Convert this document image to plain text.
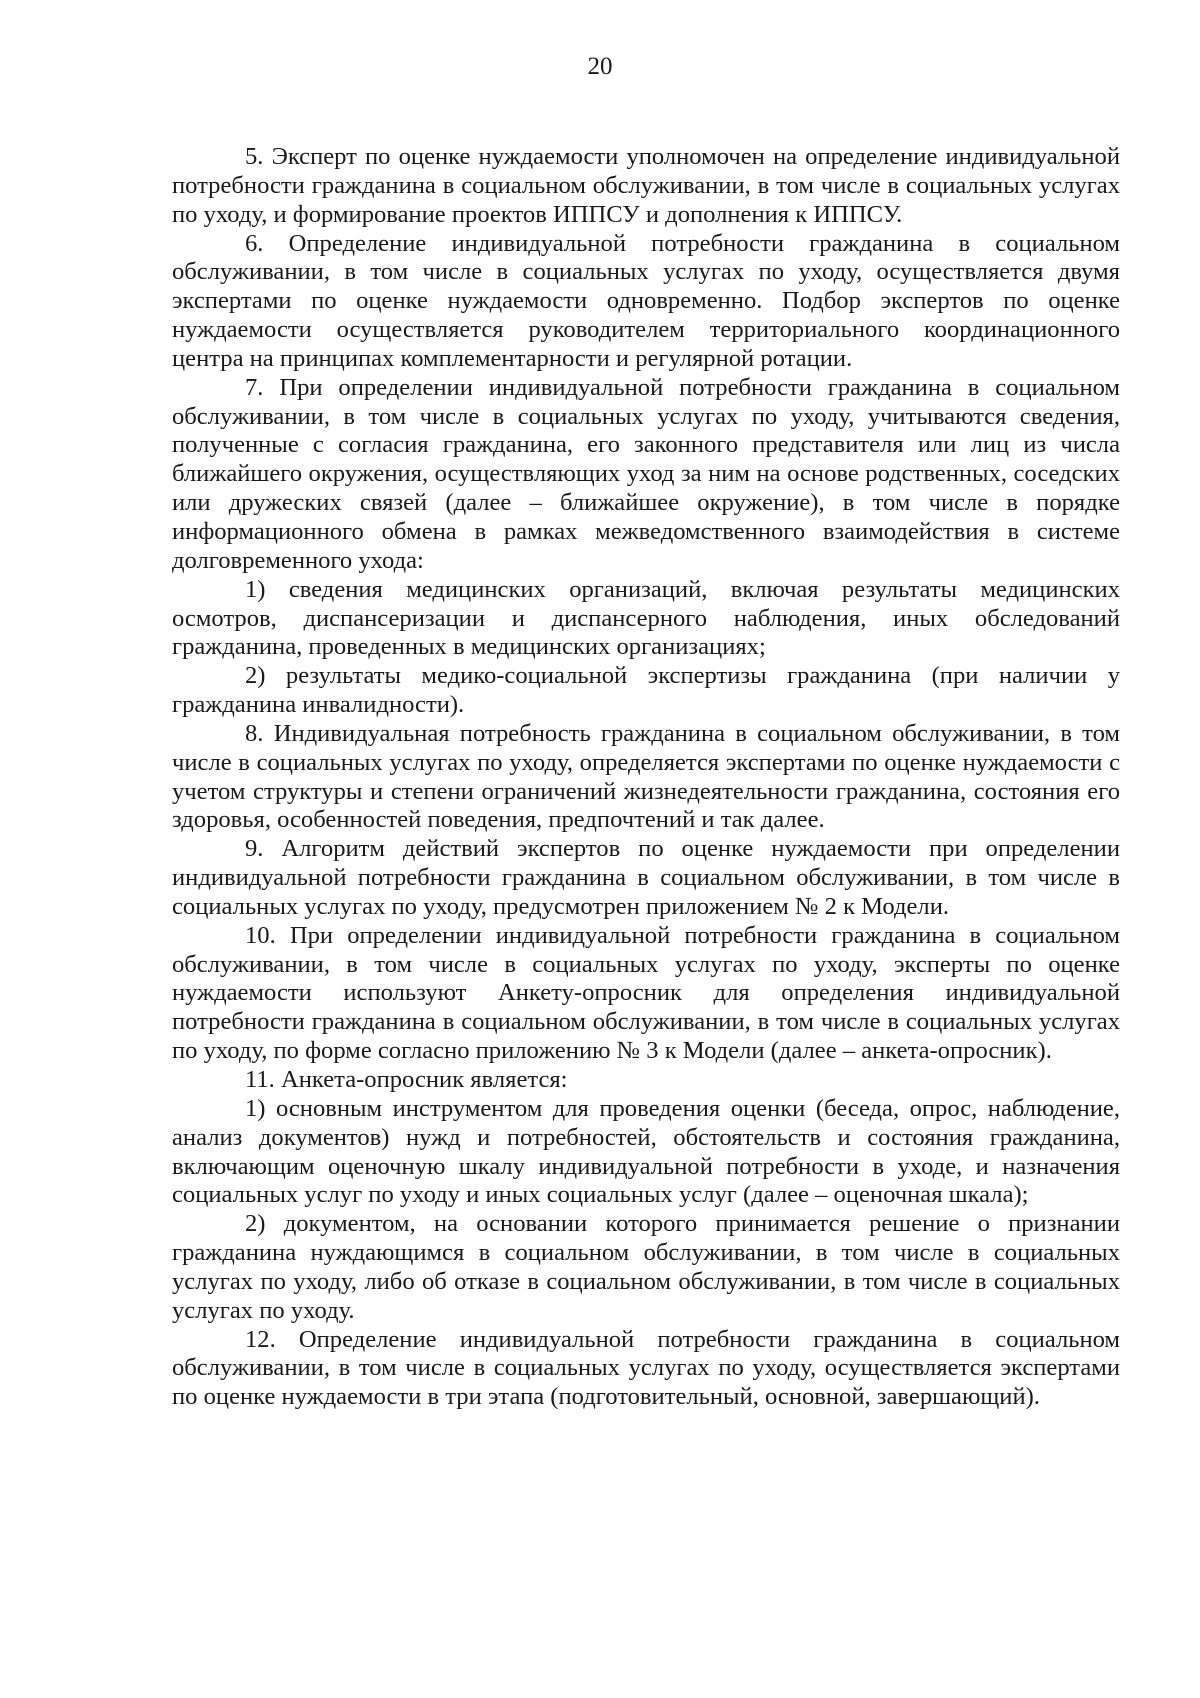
20

5. Эксперт по оценке нуждаемости уполномочен на определение индивидуальной потребности гражданина в социальном обслуживании, в том числе в социальных услугах по уходу, и формирование проектов ИППСУ и дополнения к ИППСУ.

6. Определение индивидуальной потребности гражданина в социальном обслуживании, в том числе в социальных услугах по уходу, осуществляется двумя экспертами по оценке нуждаемости одновременно. Подбор экспертов по оценке нуждаемости осуществляется руководителем территориального координационного центра на принципах комплементарности и регулярной ротации.

7. При определении индивидуальной потребности гражданина в социальном обслуживании, в том числе в социальных услугах по уходу, учитываются сведения, полученные с согласия гражданина, его законного представителя или лиц из числа ближайшего окружения, осуществляющих уход за ним на основе родственных, соседских или дружеских связей (далее – ближайшее окружение), в том числе в порядке информационного обмена в рамках межведомственного взаимодействия в системе долговременного ухода:

1) сведения медицинских организаций, включая результаты медицинских осмотров, диспансеризации и диспансерного наблюдения, иных обследований гражданина, проведенных в медицинских организациях;

2) результаты медико-социальной экспертизы гражданина (при наличии у гражданина инвалидности).

8. Индивидуальная потребность гражданина в социальном обслуживании, в том числе в социальных услугах по уходу, определяется экспертами по оценке нуждаемости с учетом структуры и степени ограничений жизнедеятельности гражданина, состояния его здоровья, особенностей поведения, предпочтений и так далее.

9. Алгоритм действий экспертов по оценке нуждаемости при определении индивидуальной потребности гражданина в социальном обслуживании, в том числе в социальных услугах по уходу, предусмотрен приложением № 2 к Модели.

10. При определении индивидуальной потребности гражданина в социальном обслуживании, в том числе в социальных услугах по уходу, эксперты по оценке нуждаемости используют Анкету-опросник для определения индивидуальной потребности гражданина в социальном обслуживании, в том числе в социальных услугах по уходу, по форме согласно приложению № 3 к Модели (далее – анкета-опросник).

11. Анкета-опросник является:

1) основным инструментом для проведения оценки (беседа, опрос, наблюдение, анализ документов) нужд и потребностей, обстоятельств и состояния гражданина, включающим оценочную шкалу индивидуальной потребности в уходе, и назначения социальных услуг по уходу и иных социальных услуг (далее – оценочная шкала);

2) документом, на основании которого принимается решение о признании гражданина нуждающимся в социальном обслуживании, в том числе в социальных услугах по уходу, либо об отказе в социальном обслуживании, в том числе в социальных услугах по уходу.

12. Определение индивидуальной потребности гражданина в социальном обслуживании, в том числе в социальных услугах по уходу, осуществляется экспертами по оценке нуждаемости в три этапа (подготовительный, основной, завершающий).
